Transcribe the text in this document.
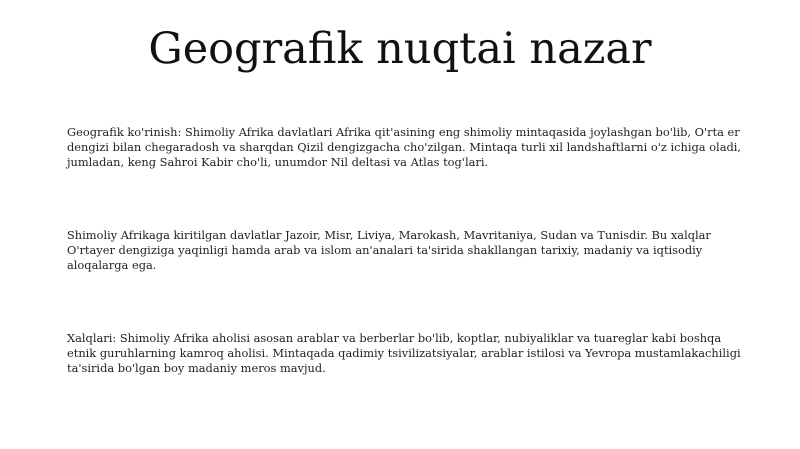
Geografik nuqtai nazar

Geografik ko'rinish: Shimoliy Afrika davlatlari Afrika qit'asining eng shimoliy mintaqasida joylashgan bo'lib, O'rta er dengizi bilan chegaradosh va sharqdan Qizil dengizgacha cho'zilgan. Mintaqa turli xil landshaftlarni o'z ichiga oladi, jumladan, keng Sahroi Kabir cho'li, unumdor Nil deltasi va Atlas tog'lari.

Shimoliy Afrikaga kiritilgan davlatlar Jazoir, Misr, Liviya, Marokash, Mavritaniya, Sudan va Tunisdir. Bu xalqlar O'rtayer dengiziga yaqinligi hamda arab va islom an'analari ta'sirida shakllangan tarixiy, madaniy va iqtisodiy aloqalarga ega.

Xalqlari: Shimoliy Afrika aholisi asosan arablar va berberlar bo'lib, koptlar, nubiyaliklar va tuareglar kabi boshqa etnik guruhlarning kamroq aholisi. Mintaqada qadimiy tsivilizatsiyalar, arablar istilosi va Yevropa mustamlakachiligi ta'sirida bo'lgan boy madaniy meros mavjud.
